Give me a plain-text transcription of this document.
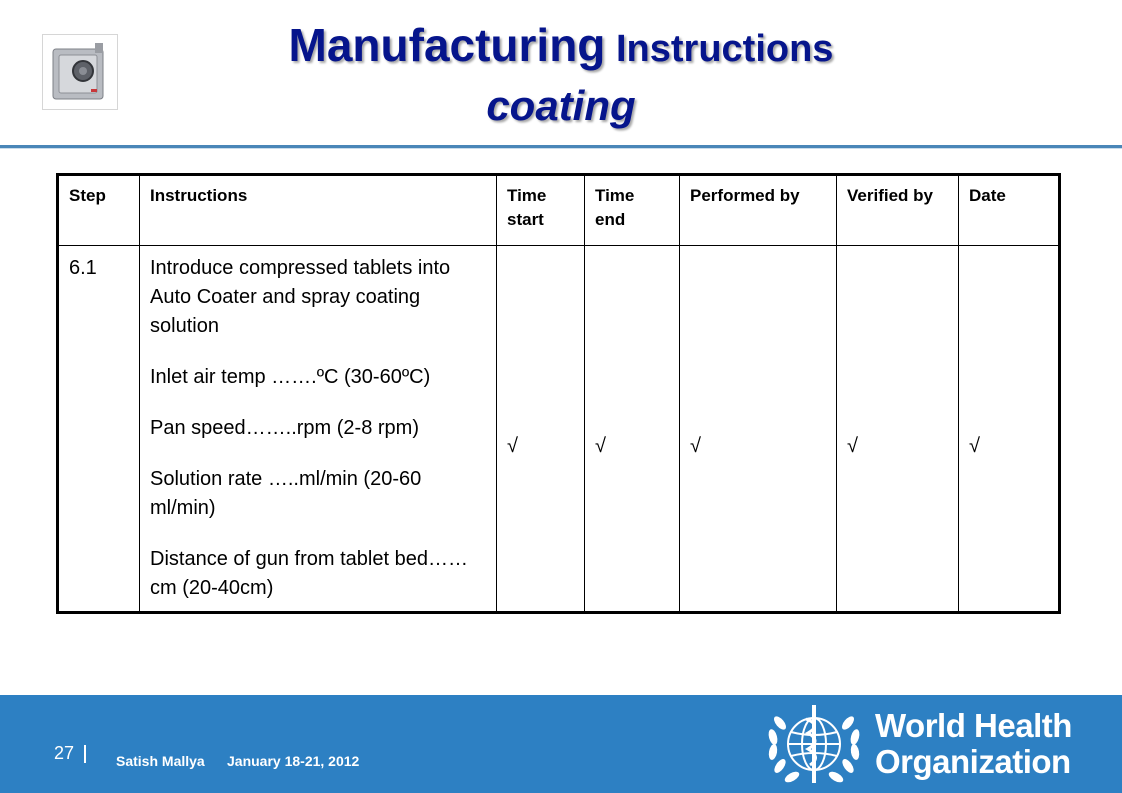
Manufacturing Instructions
coating
Step	Instructions	Time start	Time end	Performed by	Verified by	Date
6.1	Introduce compressed tablets into Auto Coater and spray coating solution

Inlet air temp …….ºC (30-60ºC)

Pan speed……..rpm (2-8 rpm)

Solution rate …..ml/min (20-60 ml/min)

Distance of gun from tablet bed……cm (20-40cm)	√	√	√	√	√
27	Satish Mallya January 18-21, 2012
World Health
Organization
